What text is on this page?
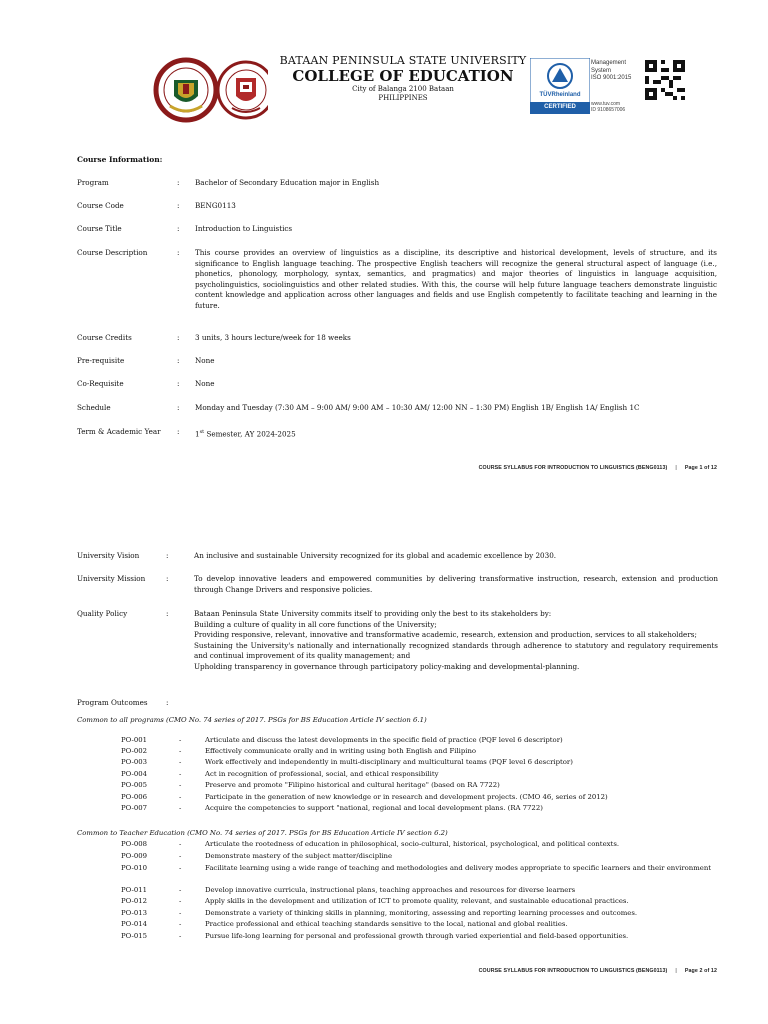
BATAAN PENINSULA STATE UNIVERSITY
COLLEGE OF EDUCATION
City of Balanga 2100 Bataan
PHILIPPINES	TÜVRheinland
CERTIFIED
Management
System
ISO 9001:2015
www.tuv.com
ID 9108657006
Course Information:
Program	:	Bachelor of Secondary Education major in English
Course Code	:	BENG0113
Course Title	:	Introduction to Linguistics
Course Description	:	This course provides an overview of linguistics as a discipline, its descriptive and historical development, levels of structure, and its significance to English language teaching. The prospective English teachers will recognize the general structural aspect of language (i.e., phonetics, phonology, morphology, syntax, semantics, and pragmatics) and major theories of linguistics in language acquisition, psycholinguistics, sociolinguistics and other related studies. With this, the course will help future language teachers demonstrate linguistic content knowledge and application across other languages and fields and use English competently to facilitate teaching and learning in the future.
Course Credits	:	3 units, 3 hours lecture/week for 18 weeks
Pre-requisite	:	None
Co-Requisite	:	None
Schedule	:	Monday and Tuesday (7:30 AM – 9:00 AM/ 9:00 AM – 10:30 AM/ 12:00 NN – 1:30 PM) English 1B/ English 1A/ English 1C
Term & Academic Year	:	1st Semester, AY 2024-2025
COURSE SYLLABUS FOR INTRODUCTION TO LINGUISTICS (BENG0113) | Page 1 of 12
University Vision	:	An inclusive and sustainable University recognized for its global and academic excellence by 2030.
University Mission	:	To develop innovative leaders and empowered communities by delivering transformative instruction, research, extension and production through Change Drivers and responsive policies.
Quality Policy	:	Bataan Peninsula State University commits itself to providing only the best to its stakeholders by:
Building a culture of quality in all core functions of the University;
Providing responsive, relevant, innovative and transformative academic, research, extension and production, services to all stakeholders;
Sustaining the University's nationally and internationally recognized standards through adherence to statutory and regulatory requirements and continual improvement of its quality management; and
Upholding transparency in governance through participatory policy-making and developmental-planning.
Program Outcomes	:
Common to all programs (CMO No. 74 series of 2017. PSGs for BS Education Article IV section 6.1)
PO-001	-	Articulate and discuss the latest developments in the specific field of practice (PQF level 6 descriptor)
PO-002	-	Effectively communicate orally and in writing using both English and Filipino
PO-003	-	Work effectively and independently in multi-disciplinary and multicultural teams (PQF level 6 descriptor)
PO-004	-	Act in recognition of professional, social, and ethical responsibility
PO-005	-	Preserve and promote "Filipino historical and cultural heritage" (based on RA 7722)
PO-006	-	Participate in the generation of new knowledge or in research and development projects. (CMO 46, series of 2012)
PO-007	-	Acquire the competencies to support "national, regional and local development plans. (RA 7722)
Common to Teacher Education (CMO No. 74 series of 2017. PSGs for BS Education Article IV section 6.2)
PO-008	-	Articulate the rootedness of education in philosophical, socio-cultural, historical, psychological, and political contexts.
PO-009	-	Demonstrate mastery of the subject matter/discipline
PO-010	-	Facilitate learning using a wide range of teaching and methodologies and delivery modes appropriate to specific learners and their environment
PO-011	-	Develop innovative curricula, instructional plans, teaching approaches and resources for diverse learners
PO-012	-	Apply skills in the development and utilization of ICT to promote quality, relevant, and sustainable educational practices.
PO-013	-	Demonstrate a variety of thinking skills in planning, monitoring, assessing and reporting learning processes and outcomes.
PO-014	-	Practice professional and ethical teaching standards sensitive to the local, national and global realities.
PO-015	-	Pursue life-long learning for personal and professional growth through varied experiential and field-based opportunities.
COURSE SYLLABUS FOR INTRODUCTION TO LINGUISTICS (BENG0113) | Page 2 of 12
